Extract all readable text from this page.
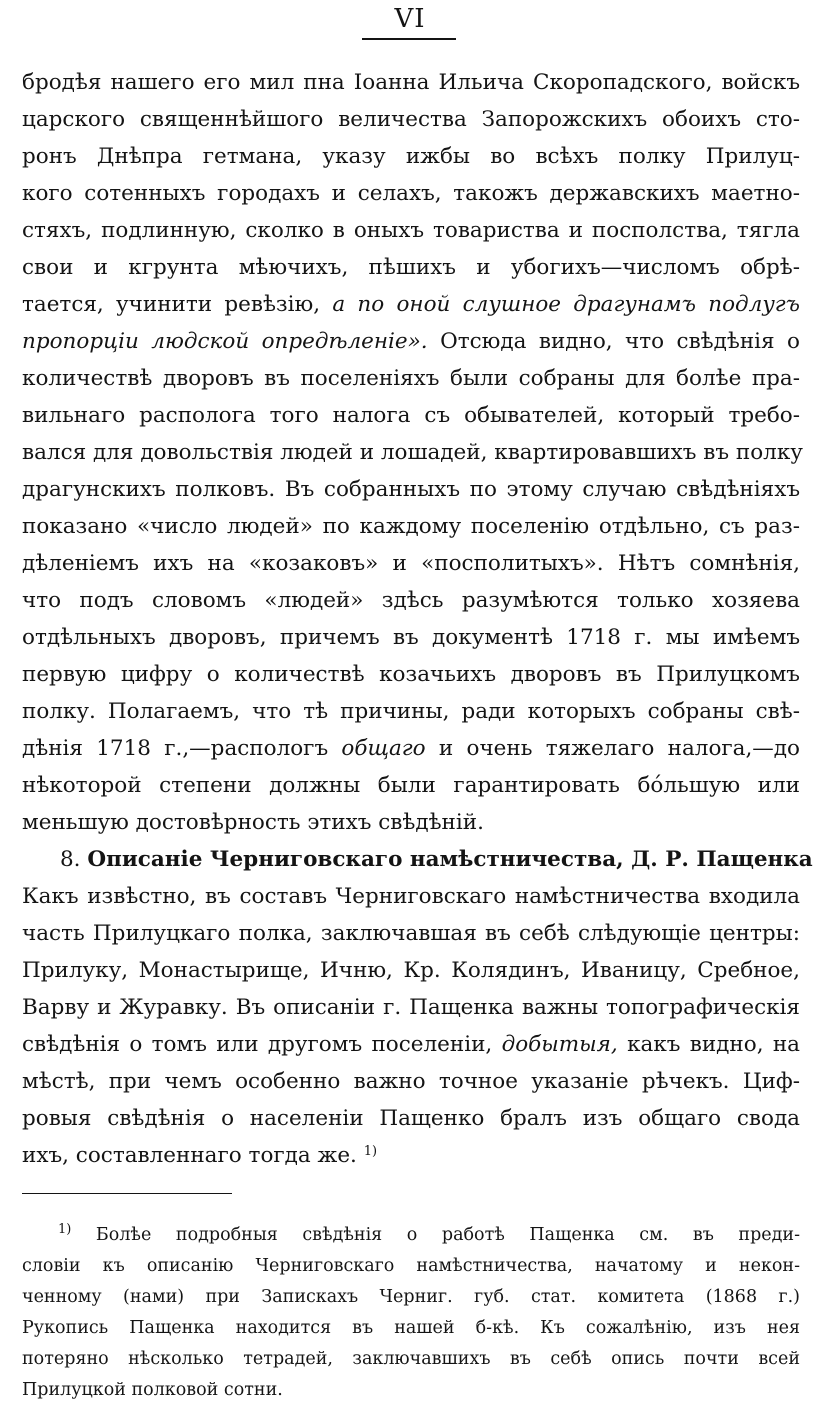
VI
бродѣя нашего его мил пна Іоанна Ильича Скоропадского, войскъ
царского священнѣйшого величества Запорожскихъ обоихъ сто-
ронъ Днѣпра гетмана, указу ижбы во всѣхъ полку Прилуц-
кого сотенныхъ городахъ и селахъ, такожъ державскихъ маетно-
стяхъ, подлинную, сколко в оныхъ товариства и посполства, тягла
свои и кгрунта мѣючихъ, пѣшихъ и убогихъ—числомъ обрѣ-
тается, учинити ревѣзію, а по оной слушное драгунамъ подлугъ
пропорціи людской опредѣленіе». Отсюда видно, что свѣдѣнія о
количествѣ дворовъ въ поселеніяхъ были собраны для болѣе пра-
вильнаго распологa того налога съ обывателей, который требо-
вался для довольствія людей и лошадей, квартировавшихъ въ полку
драгунскихъ полковъ. Въ собранныхъ по этому случаю свѣдѣніяхъ
показано «число людей» по каждому поселенію отдѣльно, съ раз-
дѣленіемъ ихъ на «козаковъ» и «посполитыхъ». Нѣтъ сомнѣнія,
что подъ словомъ «людей» здѣсь разумѣются только хозяева
отдѣльныхъ дворовъ, причемъ въ документѣ 1718 г. мы имѣемъ
первую цифру о количествѣ козачьихъ дворовъ въ Прилуцкомъ
полку. Полагаемъ, что тѣ причины, ради которыхъ собраны свѣ-
дѣнія 1718 г.,—распологъ общаго и очень тяжелаго налога,—до
нѣкоторой степени должны были гарантировать бо́льшую или
меньшую достовѣрность этихъ свѣдѣній.
8. Описаніе Черниговскаго намѣстничества, Д. Р. Пащенка
Какъ извѣстно, въ составъ Черниговскаго намѣстничества входила
часть Прилуцкаго полка, заключавшая въ себѣ слѣдующіе центры:
Прилуку, Монастырище, Ичню, Кр. Колядинъ, Иваницу, Сребное,
Варву и Журавку. Въ описаніи г. Пащенка важны топографическія
свѣдѣнія о томъ или другомъ поселеніи, добытыя, какъ видно, на
мѣстѣ, при чемъ особенно важно точное указаніе рѣчекъ. Циф-
ровыя свѣдѣнія о населеніи Пащенко бралъ изъ общаго свода
ихъ, составленнаго тогда же. $^{1)}$
$^{1)}$ Болѣе подробныя свѣдѣнія о работѣ Пащенка см. въ преди-
словіи къ описанію Черниговскаго намѣстничества, начатому и некон-
ченному (нами) при Запискахъ Черниг. губ. стат. комитета (1868 г.)
Рукопись Пащенка находится въ нашей б-кѣ. Къ сожалѣнію, изъ нея
потеряно нѣсколько тетрадей, заключавшихъ въ себѣ опись почти всей
Прилуцкой полковой сотни.
